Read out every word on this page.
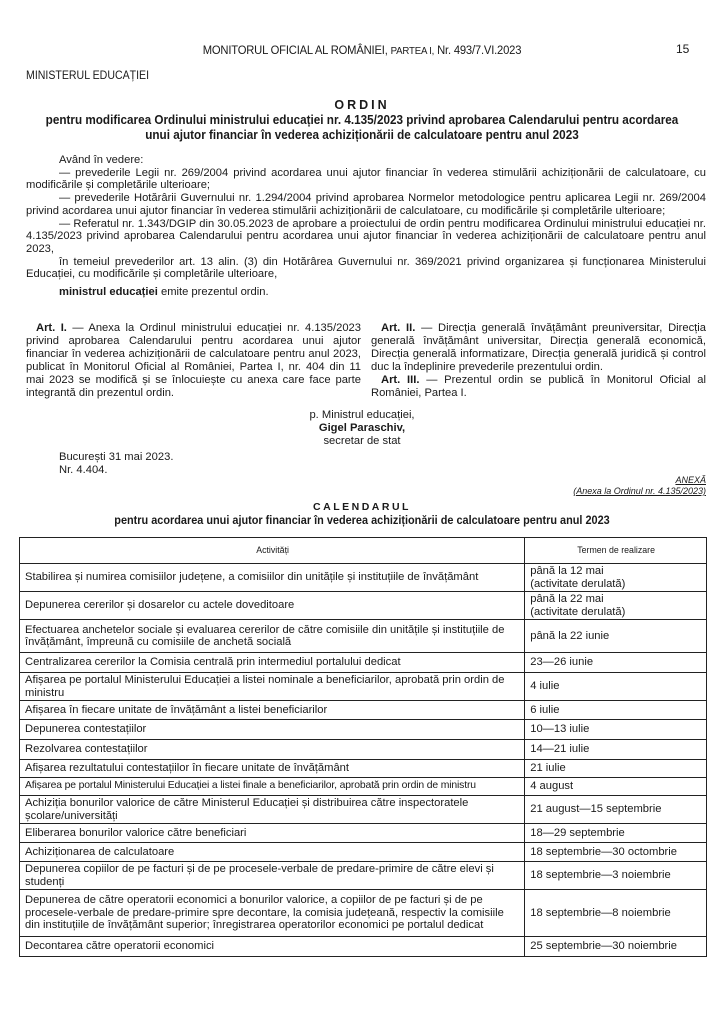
MONITORUL OFICIAL AL ROMÂNIEI, PARTEA I, Nr. 493/7.VI.2023	15
MINISTERUL EDUCAȚIEI
ORDIN
pentru modificarea Ordinului ministrului educației nr. 4.135/2023 privind aprobarea Calendarului pentru acordarea unui ajutor financiar în vederea achiziționării de calculatoare pentru anul 2023

Având în vedere:

— prevederile Legii nr. 269/2004 privind acordarea unui ajutor financiar în vederea stimulării achiziționării de calculatoare, cu modificările și completările ulterioare;

— prevederile Hotărârii Guvernului nr. 1.294/2004 privind aprobarea Normelor metodologice pentru aplicarea Legii nr. 269/2004 privind acordarea unui ajutor financiar în vederea stimulării achiziționării de calculatoare, cu modificările și completările ulterioare;

— Referatul nr. 1.343/DGIP din 30.05.2023 de aprobare a proiectului de ordin pentru modificarea Ordinului ministrului educației nr. 4.135/2023 privind aprobarea Calendarului pentru acordarea unui ajutor financiar în vederea achiziționării de calculatoare pentru anul 2023,

în temeiul prevederilor art. 13 alin. (3) din Hotărârea Guvernului nr. 369/2021 privind organizarea și funcționarea Ministerului Educației, cu modificările și completările ulterioare,

ministrul educației emite prezentul ordin.

Art. I. — Anexa la Ordinul ministrului educației nr. 4.135/2023 privind aprobarea Calendarului pentru acordarea unui ajutor financiar în vederea achiziționării de calculatoare pentru anul 2023, publicat în Monitorul Oficial al României, Partea I, nr. 404 din 11 mai 2023 se modifică și se înlocuiește cu anexa care face parte integrantă din prezentul ordin.

Art. II. — Direcția generală învățământ preuniversitar, Direcția generală învățământ universitar, Direcția generală economică, Direcția generală informatizare, Direcția generală juridică și control duc la îndeplinire prevederile prezentului ordin.

Art. III. — Prezentul ordin se publică în Monitorul Oficial al României, Partea I.

p. Ministrul educației,
Gigel Paraschiv,
secretar de stat
București 31 mai 2023.
Nr. 4.404.
ANEXĂ
(Anexa la Ordinul nr. 4.135/2023)
CALENDARUL
pentru acordarea unui ajutor financiar în vederea achiziționării de calculatoare pentru anul 2023
Activități	Termen de realizare
Stabilirea și numirea comisiilor județene, a comisiilor din unitățile și instituțiile de învățământ	până la 12 mai
(activitate derulată)

Depunerea cererilor și dosarelor cu actele doveditoare	până la 22 mai
(activitate derulată)

Efectuarea anchetelor sociale și evaluarea cererilor de către comisiile din unitățile și instituțiile de învățământ, împreună cu comisiile de anchetă socială	până la 22 iunie

Centralizarea cererilor la Comisia centrală prin intermediul portalului dedicat	23—26 iunie

Afișarea pe portalul Ministerului Educației a listei nominale a beneficiarilor, aprobată prin ordin de ministru	4 iulie

Afișarea în fiecare unitate de învățământ a listei beneficiarilor	6 iulie

Depunerea contestațiilor	10—13 iulie

Rezolvarea contestațiilor	14—21 iulie

Afișarea rezultatului contestațiilor în fiecare unitate de învățământ	21 iulie

Afișarea pe portalul Ministerului Educației a listei finale a beneficiarilor, aprobată prin ordin de ministru	4 august

Achiziția bonurilor valorice de către Ministerul Educației și distribuirea către inspectoratele școlare/universități	21 august—15 septembrie

Eliberarea bonurilor valorice către beneficiari	18—29 septembrie

Achiziționarea de calculatoare	18 septembrie—30 octombrie

Depunerea copiilor de pe facturi și de pe procesele-verbale de predare-primire de către elevi și studenți	18 septembrie—3 noiembrie

Depunerea de către operatorii economici a bonurilor valorice, a copiilor de pe facturi și de pe procesele-verbale de predare-primire spre decontare, la comisia județeană, respectiv la comisiile din instituțiile de învățământ superior; înregistrarea operatorilor economici pe portalul dedicat	18 septembrie—8 noiembrie

Decontarea către operatorii economici	25 septembrie—30 noiembrie
